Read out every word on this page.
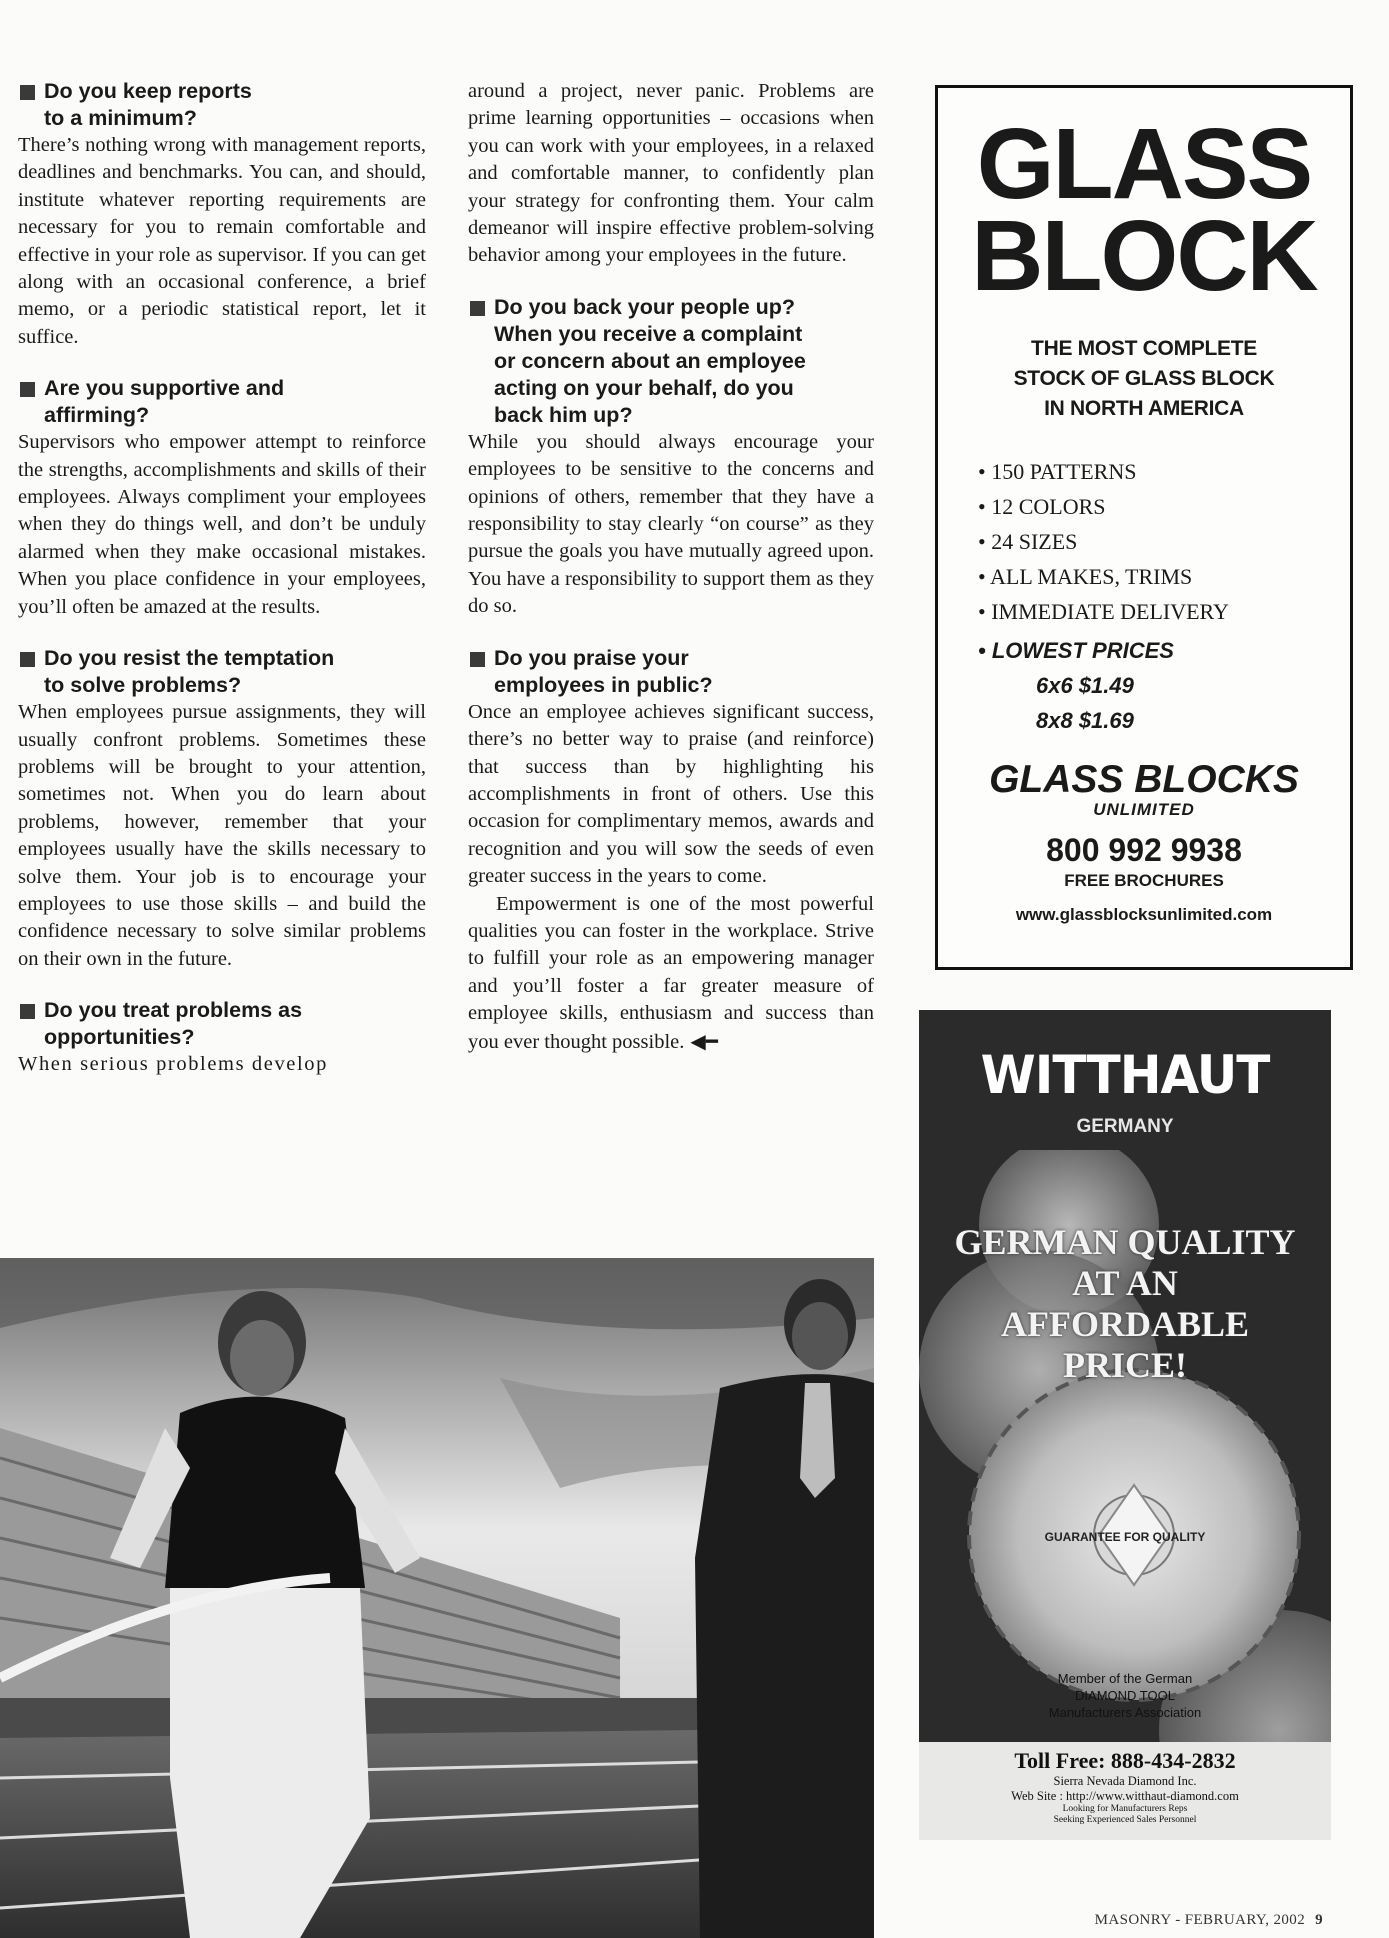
Do you keep reports
to a minimum?

There’s nothing wrong with management reports, deadlines and benchmarks. You can, and should, institute whatever reporting requirements are necessary for you to remain comfortable and effective in your role as supervisor. If you can get along with an occasional conference, a brief memo, or a periodic statistical report, let it suffice.

Are you supportive and
affirming?

Supervisors who empower attempt to reinforce the strengths, accomplishments and skills of their employees. Always compliment your employees when they do things well, and don’t be unduly alarmed when they make occasional mistakes. When you place confidence in your employees, you’ll often be amazed at the results.

Do you resist the temptation
to solve problems?

When employees pursue assignments, they will usually confront problems. Sometimes these problems will be brought to your attention, sometimes not. When you do learn about problems, however, remember that your employees usually have the skills necessary to solve them. Your job is to encourage your employees to use those skills – and build the confidence necessary to solve similar problems on their own in the future.

Do you treat problems as
opportunities?

When serious problems develop

around a project, never panic. Problems are prime learning opportunities – occasions when you can work with your employees, in a relaxed and comfortable manner, to confidently plan your strategy for confronting them. Your calm demeanor will inspire effective problem-solving behavior among your employees in the future.

Do you back your people up?
When you receive a complaint
or concern about an employee
acting on your behalf, do you
back him up?

While you should always encourage your employees to be sensitive to the concerns and opinions of others, remember that they have a responsibility to stay clearly “on course” as they pursue the goals you have mutually agreed upon. You have a responsibility to support them as they do so.

Do you praise your
employees in public?

Once an employee achieves significant success, there’s no better way to praise (and reinforce) that success than by highlighting his accomplishments in front of others. Use this occasion for complimentary memos, awards and recognition and you will sow the seeds of even greater success in the years to come.

Empowerment is one of the most powerful qualities you can foster in the workplace. Strive to fulfill your role as an empowering manager and you’ll foster a far greater measure of employee skills, enthusiasm and success than you ever thought possible. ◀━

GLASS
BLOCK
THE MOST COMPLETE
STOCK OF GLASS BLOCK
IN NORTH AMERICA
• 150 PATTERNS
• 12 COLORS
• 24 SIZES
• ALL MAKES, TRIMS
• IMMEDIATE DELIVERY
• LOWEST PRICES
6x6 $1.49
8x8 $1.69
GLASS BLOCKS
UNLIMITED
800 992 9938
FREE BROCHURES
www.glassblocksunlimited.com
WITTHAUT
GERMANY
GERMAN QUALITY
AT AN
AFFORDABLE
PRICE!
GUARANTEE FOR QUALITY
Member of the German
DIAMOND TOOL
Manufacturers Association
Toll Free: 888-434-2832
Sierra Nevada Diamond Inc.
Web Site : http://www.witthaut-diamond.com
Looking for Manufacturers Reps
Seeking Experienced Sales Personnel
MASONRY - FEBRUARY, 2002 9
